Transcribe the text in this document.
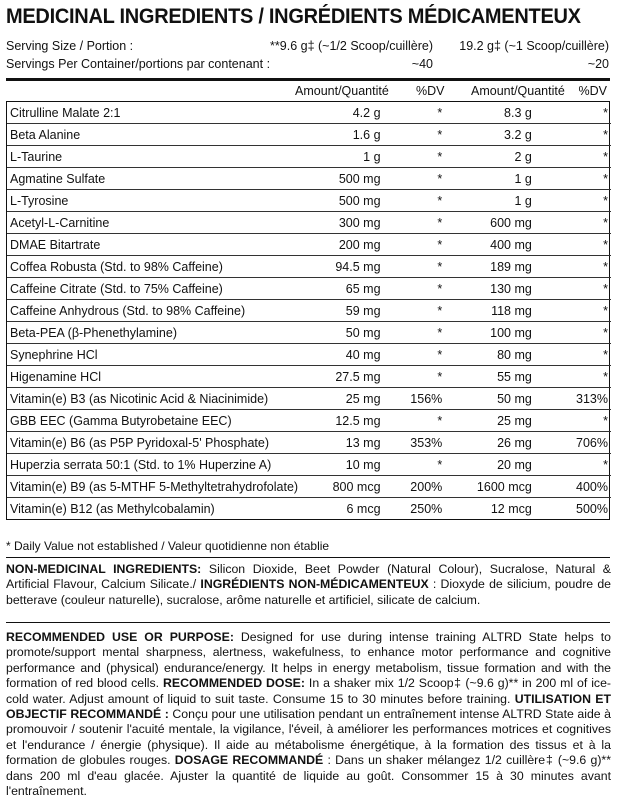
MEDICINAL INGREDIENTS / INGRÉDIENTS MÉDICAMENTEUX
Serving Size / Portion :	**9.6 g‡ (~1/2 Scoop/cuillère) 19.2 g‡ (~1 Scoop/cuillère)
Servings Per Container/portions par contenant :	~40	~20
Amount/Quantité %DV Amount/Quantité %DV
Citrulline Malate 2:1	4.2 g	*	8.3 g	*
Beta Alanine	1.6 g	*	3.2 g	*
L-Taurine	1 g	*	2 g	*
Agmatine Sulfate	500 mg	*	1 g	*
L-Tyrosine	500 mg	*	1 g	*
Acetyl-L-Carnitine	300 mg	*	600 mg	*
DMAE Bitartrate	200 mg	*	400 mg	*
Coffea Robusta (Std. to 98% Caffeine)	94.5 mg	*	189 mg	*
Caffeine Citrate (Std. to 75% Caffeine)	65 mg	*	130 mg	*
Caffeine Anhydrous (Std. to 98% Caffeine)	59 mg	*	118 mg	*
Beta-PEA (β-Phenethylamine)	50 mg	*	100 mg	*
Synephrine HCl	40 mg	*	80 mg	*
Higenamine HCl	27.5 mg	*	55 mg	*
Vitamin(e) B3 (as Nicotinic Acid & Niacinimide)	25 mg	156%	50 mg	313%
GBB EEC (Gamma Butyrobetaine EEC)	12.5 mg	*	25 mg	*
Vitamin(e) B6 (as P5P Pyridoxal-5' Phosphate)	13 mg	353%	26 mg	706%
Huperzia serrata 50:1 (Std. to 1% Huperzine A)	10 mg	*	20 mg	*
Vitamin(e) B9 (as 5-MTHF 5-Methyltetrahydrofolate)	800 mcg	200%	1600 mcg	400%
Vitamin(e) B12 (as Methylcobalamin)	6 mcg	250%	12 mcg	500%
* Daily Value not established / Valeur quotidienne non établie
NON-MEDICINAL INGREDIENTS: Silicon Dioxide, Beet Powder (Natural Colour), Sucralose, Natural & Artificial Flavour, Calcium Silicate./ INGRÉDIENTS NON-MÉDICAMENTEUX : Dioxyde de silicium, poudre de betterave (couleur naturelle), sucralose, arôme naturelle et artificiel, silicate de calcium.
RECOMMENDED USE OR PURPOSE: Designed for use during intense training ALTRD State helps to promote/support mental sharpness, alertness, wakefulness, to enhance motor performance and cognitive performance and (physical) endurance/energy. It helps in energy metabolism, tissue formation and with the formation of red blood cells. RECOMMENDED DOSE: In a shaker mix 1/2 Scoop‡ (~9.6 g)** in 200 ml of ice-cold water. Adjust amount of liquid to suit taste. Consume 15 to 30 minutes before training. UTILISATION ET OBJECTIF RECOMMANDÉ : Conçu pour une utilisation pendant un entraînement intense ALTRD State aide à promouvoir / soutenir l'acuité mentale, la vigilance, l'éveil, à améliorer les performances motrices et cognitives et l'endurance / énergie (physique). Il aide au métabolisme énergétique, à la formation des tissus et à la formation de globules rouges. DOSAGE RECOMMANDÉ : Dans un shaker mélangez 1/2 cuillère‡ (~9.6 g)** dans 200 ml d'eau glacée. Ajuster la quantité de liquide au goût. Consommer 15 à 30 minutes avant l'entraînement.
